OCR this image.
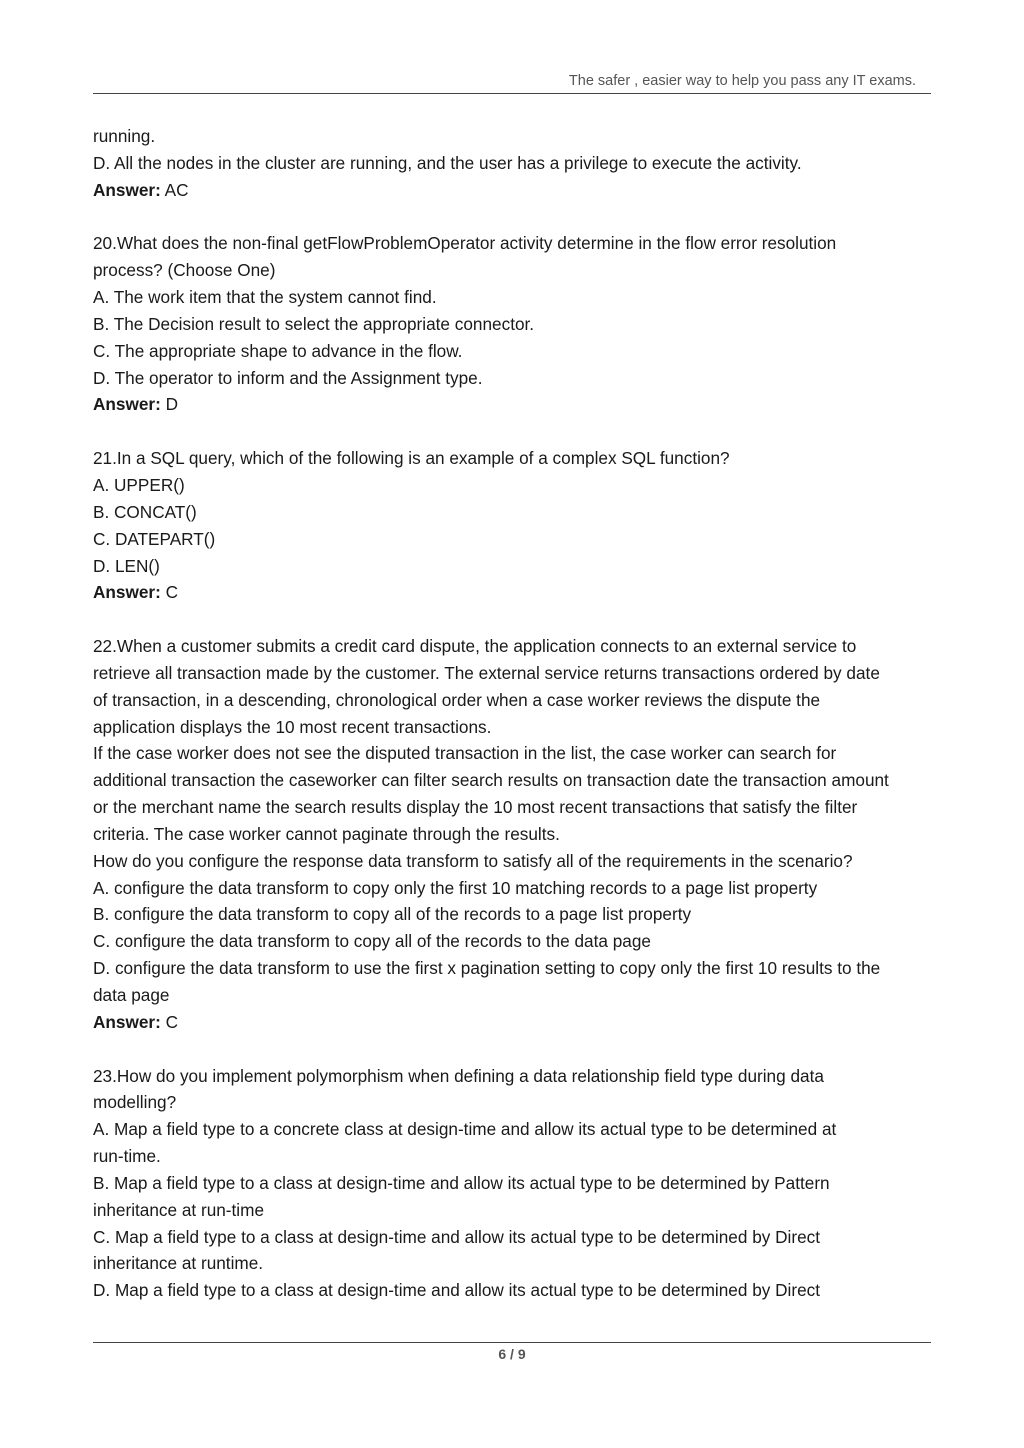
The safer , easier way to help you pass any IT exams.
running.
D. All the nodes in the cluster are running, and the user has a privilege to execute the activity.
Answer: AC
20.What does the non-final getFlowProblemOperator activity determine in the flow error resolution
process? (Choose One)
A. The work item that the system cannot find.
B. The Decision result to select the appropriate connector.
C. The appropriate shape to advance in the flow.
D. The operator to inform and the Assignment type.
Answer: D
21.In a SQL query, which of the following is an example of a complex SQL function?
A. UPPER()
B. CONCAT()
C. DATEPART()
D. LEN()
Answer: C
22.When a customer submits a credit card dispute, the application connects to an external service to
retrieve all transaction made by the customer. The external service returns transactions ordered by date
of transaction, in a descending, chronological order when a case worker reviews the dispute the
application displays the 10 most recent transactions.
If the case worker does not see the disputed transaction in the list, the case worker can search for
additional transaction the caseworker can filter search results on transaction date the transaction amount
or the merchant name the search results display the 10 most recent transactions that satisfy the filter
criteria. The case worker cannot paginate through the results.
How do you configure the response data transform to satisfy all of the requirements in the scenario?
A. configure the data transform to copy only the first 10 matching records to a page list property
B. configure the data transform to copy all of the records to a page list property
C. configure the data transform to copy all of the records to the data page
D. configure the data transform to use the first x pagination setting to copy only the first 10 results to the
data page
Answer: C
23.How do you implement polymorphism when defining a data relationship field type during data
modelling?
A. Map a field type to a concrete class at design-time and allow its actual type to be determined at
run-time.
B. Map a field type to a class at design-time and allow its actual type to be determined by Pattern
inheritance at run-time
C. Map a field type to a class at design-time and allow its actual type to be determined by Direct
inheritance at runtime.
D. Map a field type to a class at design-time and allow its actual type to be determined by Direct
6 / 9
